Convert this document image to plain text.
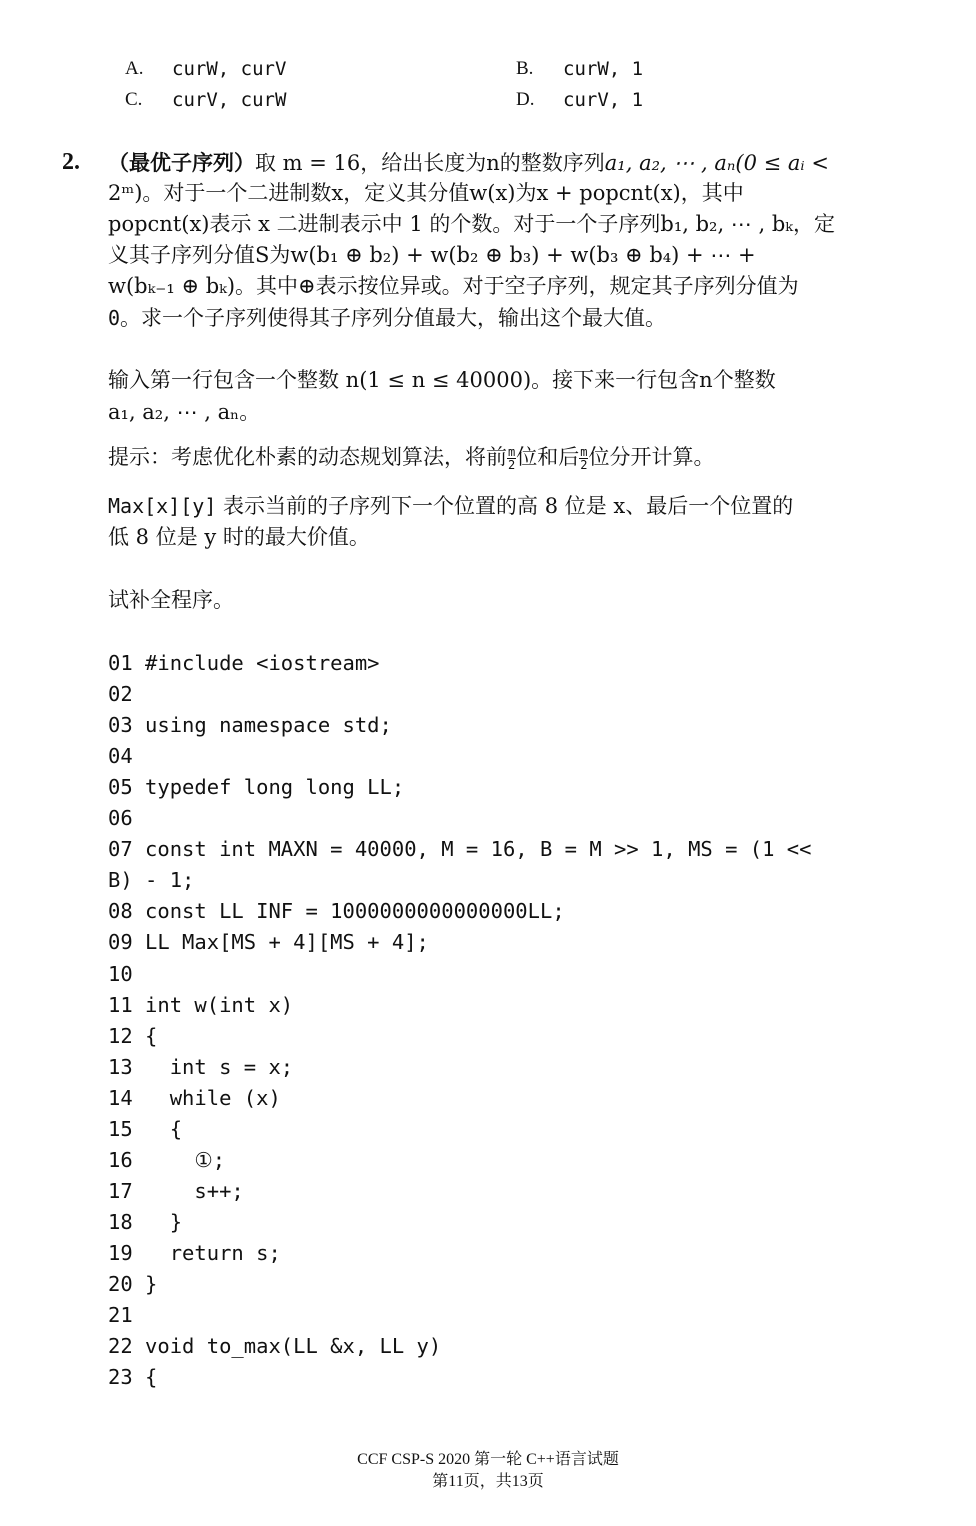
A. curW, curV	B. curW, 1
C. curV, curW	D. curV, 1
2. （最优子序列）取 m = 16，给出长度为n的整数序列a₁, a₂, ⋯ , aₙ(0 ≤ aᵢ <
2ᵐ)。对于一个二进制数x，定义其分值w(x)为x + popcnt(x)，其中
popcnt(x)表示 x 二进制表示中 1 的个数。对于一个子序列b₁, b₂, ⋯ , bₖ，定
义其子序列分值S为w(b₁ ⊕ b₂) + w(b₂ ⊕ b₃) + w(b₃ ⊕ b₄) + ⋯ +
w(bₖ₋₁ ⊕ bₖ)。其中⊕表示按位异或。对于空子序列，规定其子序列分值为
0。求一个子序列使得其子序列分值最大，输出这个最大值。
输入第一行包含一个整数 n(1 ≤ n ≤ 40000)。接下来一行包含n个整数
a₁, a₂, ⋯ , aₙ。
提示：考虑优化朴素的动态规划算法，将前 $\frac{m}{2}$ 位和后 $\frac{m}{2}$ 位分开计算。
Max[x][y] 表示当前的子序列下一个位置的高 8 位是 x、最后一个位置的
低 8 位是 y 时的最大价值。
试补全程序。
01 #include <iostream>
02
03 using namespace std;
04
05 typedef long long LL;
06
07 const int MAXN = 40000, M = 16, B = M >> 1, MS = (1 <<
B) - 1;
08 const LL INF = 1000000000000000LL;
09 LL Max[MS + 4][MS + 4];
10
11 int w(int x)
12 {
13   int s = x;
14   while (x)
15   {
16     ①;
17     s++;
18   }
19   return s;
20 }
21
22 void to_max(LL &x, LL y)
23 {
CCF CSP-S 2020 第一轮 C++语言试题
第11页，共13页
